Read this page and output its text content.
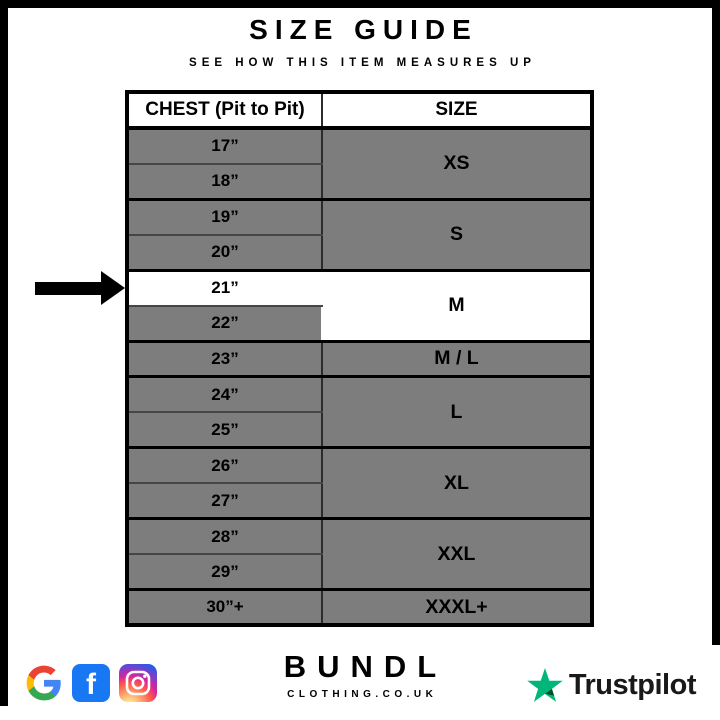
SIZE GUIDE
SEE HOW THIS ITEM MEASURES UP
CHEST (Pit to Pit)	SIZE
17”	XS
18”	
19”	S
20”	
21”	M
22”	
23”	M / L
24”	L
25”	
26”	XL
27”	
28”	XXL
29”	
30”+	XXXL+
f
BUNDL
CLOTHING.CO.UK	Trustpilot
